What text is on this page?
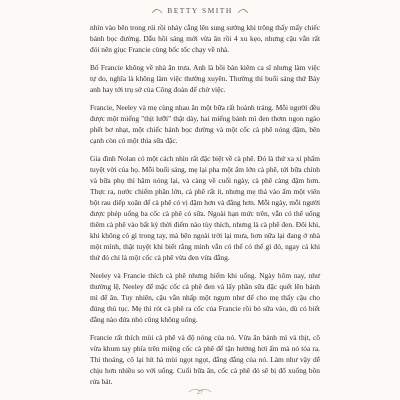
BETTY SMITH

nhìn vào bên trong rúi rồi nhảy cẫng lên sung sướng khi trông thấy mấy chiếc bánh bọc đường. Dẫu hồi sáng mới vừa ăn rồi 4 xu kẹo, nhưng cậu vẫn rất đói nên giục Francie cùng bốc tốc chạy về nhà.

Bố Francie không về nhà ăn trưa. Anh là bồi bàn kiêm ca sĩ nhưng làm việc tự do, nghĩa là không làm việc thường xuyên. Thường thì buổi sáng thứ Bảy anh hay tới trụ sở của Công đoàn để chờ việc.

Francie, Neeley và mẹ cùng nhau ăn một bữa rất hoành tráng. Mỗi người đều được một miếng "thịt lưỡi" thật dày, hai miếng bánh mì đen thơm ngon ngào phết bơ nhạt, một chiếc bánh bọc đường và một cốc cà phê nóng đậm, bên cạnh còn có một thìa sữa đặc.

Gia đình Nolan có một cách nhìn rất đặc biệt về cà phê. Đó là thứ xa xỉ phẩm tuyệt vời của họ. Mỗi buổi sáng, mẹ lại pha một ấm lớn cà phê, tới bữa chính và bữa phụ thì hâm nóng lại, và càng về cuối ngày, cà phê càng đậm hơn. Thực ra, nước chiếm phần lớn, cà phê rất ít, nhưng mẹ thả vào ấm một viên bột rau diếp xoăn để cà phê có vị đậm hơn và đắng hơn. Mỗi ngày, mỗi người được phép uống ba cốc cà phê có sữa. Ngoài hạn mức trên, vẫn có thể uống thêm cà phê vào bất kỳ thời điểm nào tùy thích, nhưng là cà phê đen. Đôi khi, khi không có gì trong tay, mà bên ngoài trời lại mưa, hơn nữa lại đang ở nhà một mình, thật tuyệt khi biết rằng mình vẫn có thể có thể gì đó, ngay cả khi thứ đó chỉ là một cốc cà phê vừa đen vừa đắng.

Neeley và Francie thích cà phê nhưng hiếm khi uống. Ngày hôm nay, như thường lệ, Neeley để mặc cốc cà phê đen và lấy phần sữa đặc quết lên bánh mì để ăn. Tuy nhiên, cậu vẫn nhấp một ngụm như để cho mẹ thấy cậu cho đúng thủ tục. Mẹ thì rót cà phê ra cốc của Francie rồi bỏ sữa vào, dù có biết đằng nào đứa nhỏ cũng không uống.

Francie rất thích mùi cà phê và độ nóng của nó. Vừa ăn bánh mì và thịt, cô vừa khum tay phía trên miệng cốc cà phê để tận hưởng hơi ấm mà nó tỏa ra. Thi thoảng, cô lại hít hà mùi ngọt ngọt, đắng đắng của nó. Làm như vậy dễ chịu hơn nhiều so với uống. Cuối bữa ăn, cốc cà phê đó sẽ bị đổ xuống bồn rửa bát.

27
